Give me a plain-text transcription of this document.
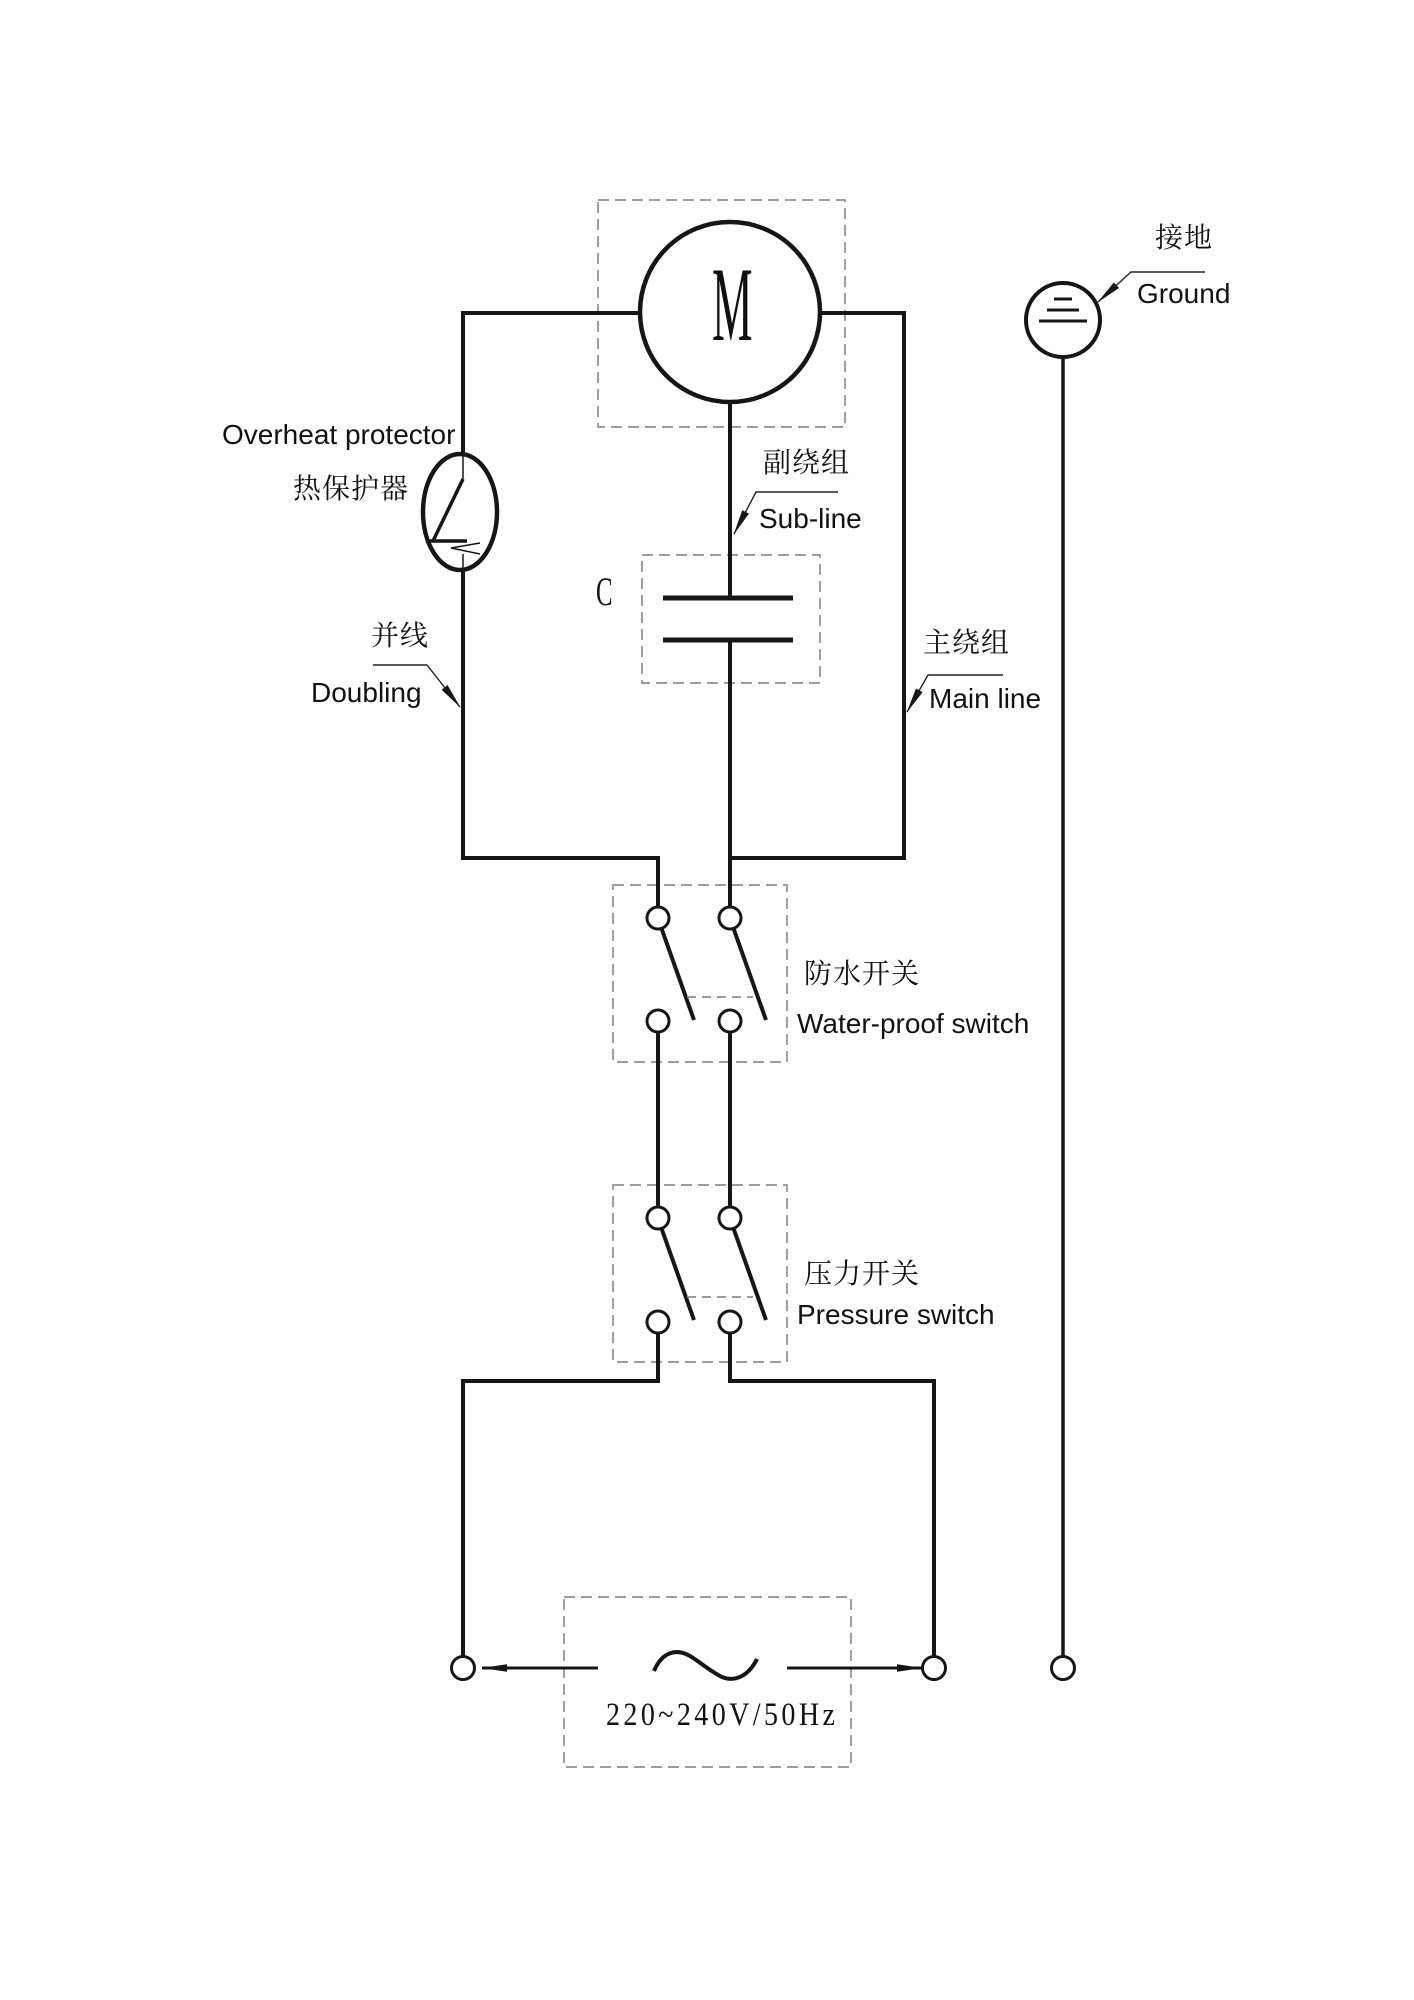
M
C
Overheat protector
热保护器
并线
Doubling
副绕组
Sub-line
主绕组
Main line
接地
Ground
防水开关
Water-proof switch
压力开关
Pressure switch
220~240V/50Hz
